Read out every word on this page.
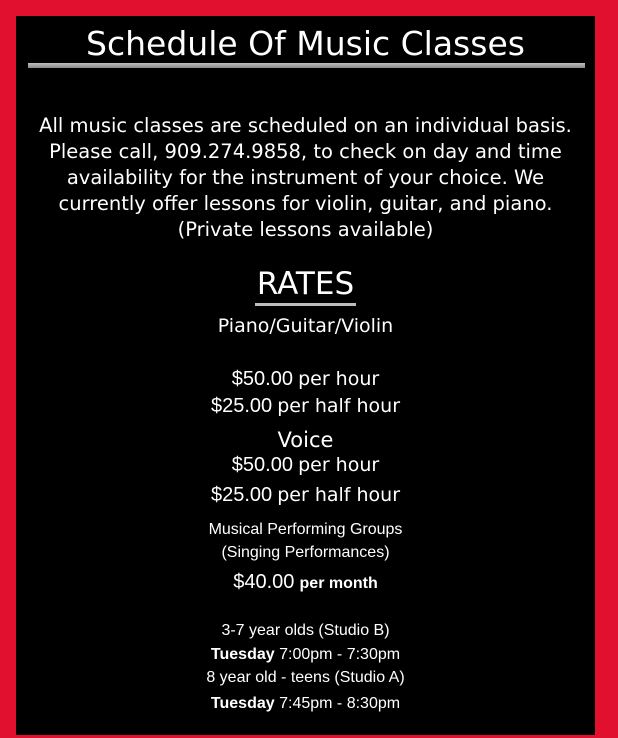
Schedule Of Music Classes
All music classes are scheduled on an individual basis. Please call, 909.274.9858, to check on day and time availability for the instrument of your choice. We currently offer lessons for violin, guitar, and piano. (Private lessons available)
RATES
Piano/Guitar/Violin
$50.00 per hour
$25.00 per half hour
Voice
$50.00 per hour
$25.00 per half hour
Musical Performing Groups
(Singing Performances)
$40.00 per month
3-7 year olds (Studio B)
Tuesday 7:00pm - 7:30pm
8 year old - teens (Studio A)
Tuesday 7:45pm - 8:30pm
